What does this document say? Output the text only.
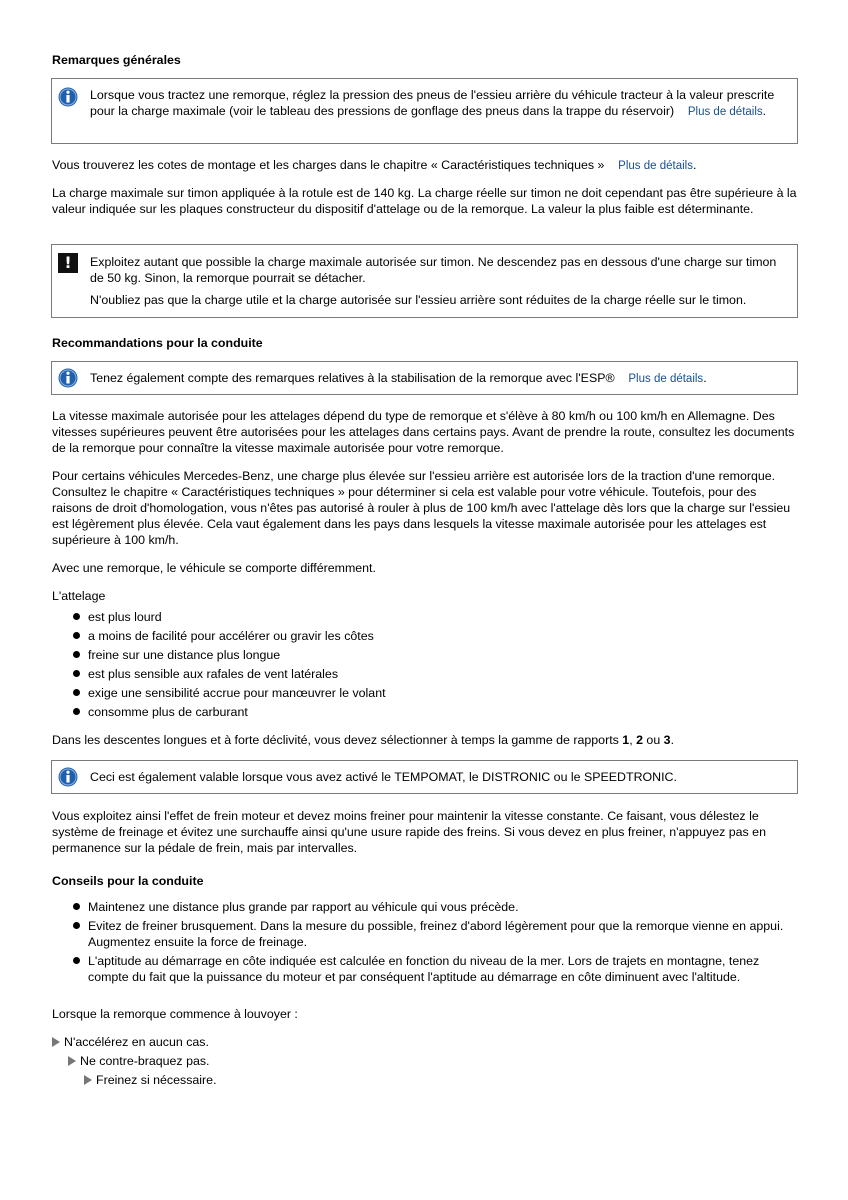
Remarques générales

Lorsque vous tractez une remorque, réglez la pression des pneus de l'essieu arrière du véhicule tracteur à la valeur prescrite pour la charge maximale (voir le tableau des pressions de gonflage des pneus dans la trappe du réservoir) Plus de détails.

Vous trouverez les cotes de montage et les charges dans le chapitre « Caractéristiques techniques » Plus de détails.

La charge maximale sur timon appliquée à la rotule est de 140 kg. La charge réelle sur timon ne doit cependant pas être supérieure à la valeur indiquée sur les plaques constructeur du dispositif d'attelage ou de la remorque. La valeur la plus faible est déterminante.

!	Exploitez autant que possible la charge maximale autorisée sur timon. Ne descendez pas en dessous d'une charge sur timon de 50 kg. Sinon, la remorque pourrait se détacher.

N'oubliez pas que la charge utile et la charge autorisée sur l'essieu arrière sont réduites de la charge réelle sur le timon.

Recommandations pour la conduite

Tenez également compte des remarques relatives à la stabilisation de la remorque avec l'ESP® Plus de détails.

La vitesse maximale autorisée pour les attelages dépend du type de remorque et s'élève à 80 km/h ou 100 km/h en Allemagne. Des vitesses supérieures peuvent être autorisées pour les attelages dans certains pays. Avant de prendre la route, consultez les documents de la remorque pour connaître la vitesse maximale autorisée pour votre remorque.

Pour certains véhicules Mercedes-Benz, une charge plus élevée sur l'essieu arrière est autorisée lors de la traction d'une remorque. Consultez le chapitre « Caractéristiques techniques » pour déterminer si cela est valable pour votre véhicule. Toutefois, pour des raisons de droit d'homologation, vous n'êtes pas autorisé à rouler à plus de 100 km/h avec l'attelage dès lors que la charge sur l'essieu est légèrement plus élevée. Cela vaut également dans les pays dans lesquels la vitesse maximale autorisée pour les attelages est supérieure à 100 km/h.

Avec une remorque, le véhicule se comporte différemment.

L'attelage

est plus lourd
a moins de facilité pour accélérer ou gravir les côtes
freine sur une distance plus longue
est plus sensible aux rafales de vent latérales
exige une sensibilité accrue pour manœuvrer le volant
consomme plus de carburant

Dans les descentes longues et à forte déclivité, vous devez sélectionner à temps la gamme de rapports 1, 2 ou 3.

Ceci est également valable lorsque vous avez activé le TEMPOMAT, le DISTRONIC ou le SPEEDTRONIC.

Vous exploitez ainsi l'effet de frein moteur et devez moins freiner pour maintenir la vitesse constante. Ce faisant, vous délestez le système de freinage et évitez une surchauffe ainsi qu'une usure rapide des freins. Si vous devez en plus freiner, n'appuyez pas en permanence sur la pédale de frein, mais par intervalles.

Conseils pour la conduite
Maintenez une distance plus grande par rapport au véhicule qui vous précède.
Evitez de freiner brusquement. Dans la mesure du possible, freinez d'abord légèrement pour que la remorque vienne en appui. Augmentez ensuite la force de freinage.
L'aptitude au démarrage en côte indiquée est calculée en fonction du niveau de la mer. Lors de trajets en montagne, tenez compte du fait que la puissance du moteur et par conséquent l'aptitude au démarrage en côte diminuent avec l'altitude.

Lorsque la remorque commence à louvoyer :

N'accélérez en aucun cas.
Ne contre-braquez pas.
Freinez si nécessaire.
